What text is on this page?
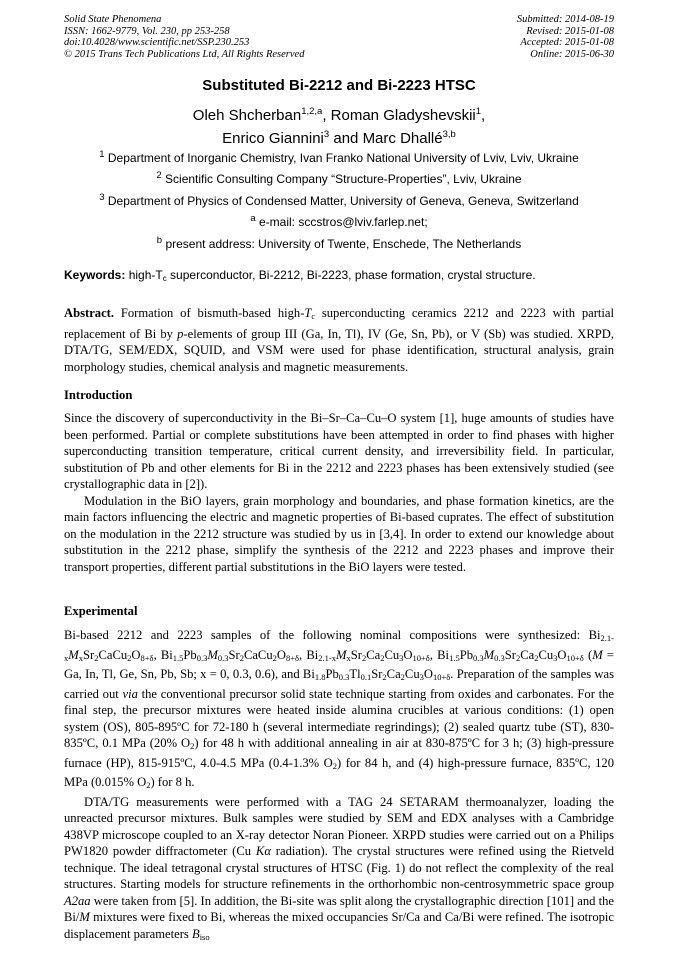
Solid State Phenomena
ISSN: 1662-9779, Vol. 230, pp 253-258
doi:10.4028/www.scientific.net/SSP.230.253
© 2015 Trans Tech Publications Ltd, All Rights Reserved
Submitted: 2014-08-19
Revised: 2015-01-08
Accepted: 2015-01-08
Online: 2015-06-30
Substituted Bi-2212 and Bi-2223 HTSC
Oleh Shcherban$^{1,2,a}$, Roman Gladyshevskii$^1$,
Enrico Giannini$^3$ and Marc Dhallé$^{3,b}$
$^1$ Department of Inorganic Chemistry, Ivan Franko National University of Lviv, Lviv, Ukraine
$^2$ Scientific Consulting Company “Structure-Properties”, Lviv, Ukraine
$^3$ Department of Physics of Condensed Matter, University of Geneva, Geneva, Switzerland
$^a$ e-mail: sccstros@lviv.farlep.net;
$^b$ present address: University of Twente, Enschede, The Netherlands
Keywords: high-$T_c$ superconductor, Bi-2212, Bi-2223, phase formation, crystal structure.
Abstract. Formation of bismuth-based high-$T_c$ superconducting ceramics 2212 and 2223 with partial replacement of Bi by p-elements of group III (Ga, In, Tl), IV (Ge, Sn, Pb), or V (Sb) was studied. XRPD, DTA/TG, SEM/EDX, SQUID, and VSM were used for phase identification, structural analysis, grain morphology studies, chemical analysis and magnetic measurements.
Introduction
Since the discovery of superconductivity in the Bi–Sr–Ca–Cu–O system [1], huge amounts of studies have been performed. Partial or complete substitutions have been attempted in order to find phases with higher superconducting transition temperature, critical current density, and irreversibility field. In particular, substitution of Pb and other elements for Bi in the 2212 and 2223 phases has been extensively studied (see crystallographic data in [2]).
Modulation in the BiO layers, grain morphology and boundaries, and phase formation kinetics, are the main factors influencing the electric and magnetic properties of Bi-based cuprates. The effect of substitution on the modulation in the 2212 structure was studied by us in [3,4]. In order to extend our knowledge about substitution in the 2212 phase, simplify the synthesis of the 2212 and 2223 phases and improve their transport properties, different partial substitutions in the BiO layers were tested.
Experimental
Bi-based 2212 and 2223 samples of the following nominal compositions were synthesized: Bi2.1-xMxSr2CaCu2O8+δ, Bi1.5Pb0.3M0.3Sr2CaCu2O8+δ, Bi2.1-xMxSr2Ca2Cu3O10+δ, Bi1.5Pb0.3M0.3Sr2Ca2Cu3O10+δ (M = Ga, In, Tl, Ge, Sn, Pb, Sb; x = 0, 0.3, 0.6), and Bi1.8Pb0.3Tl0.1Sr2Ca2Cu3O10+δ. Preparation of the samples was carried out via the conventional precursor solid state technique starting from oxides and carbonates. For the final step, the precursor mixtures were heated inside alumina crucibles at various conditions: (1) open system (OS), 805-895ºC for 72-180 h (several intermediate regrindings); (2) sealed quartz tube (ST), 830-835ºC, 0.1 MPa (20% O2) for 48 h with additional annealing in air at 830-875ºC for 3 h; (3) high-pressure furnace (HP), 815-915ºC, 4.0-4.5 MPa (0.4-1.3% O2) for 84 h, and (4) high-pressure furnace, 835ºC, 120 MPa (0.015% O2) for 8 h.
DTA/TG measurements were performed with a TAG 24 SETARAM thermoanalyzer, loading the unreacted precursor mixtures. Bulk samples were studied by SEM and EDX analyses with a Cambridge 438VP microscope coupled to an X-ray detector Noran Pioneer. XRPD studies were carried out on a Philips PW1820 powder diffractometer (Cu Kα radiation). The crystal structures were refined using the Rietveld technique. The ideal tetragonal crystal structures of HTSC (Fig. 1) do not reflect the complexity of the real structures. Starting models for structure refinements in the orthorhombic non-centrosymmetric space group A2aa were taken from [5]. In addition, the Bi-site was split along the crystallographic direction [101] and the Bi/M mixtures were fixed to Bi, whereas the mixed occupancies Sr/Ca and Ca/Bi were refined. The isotropic displacement parameters Biso
